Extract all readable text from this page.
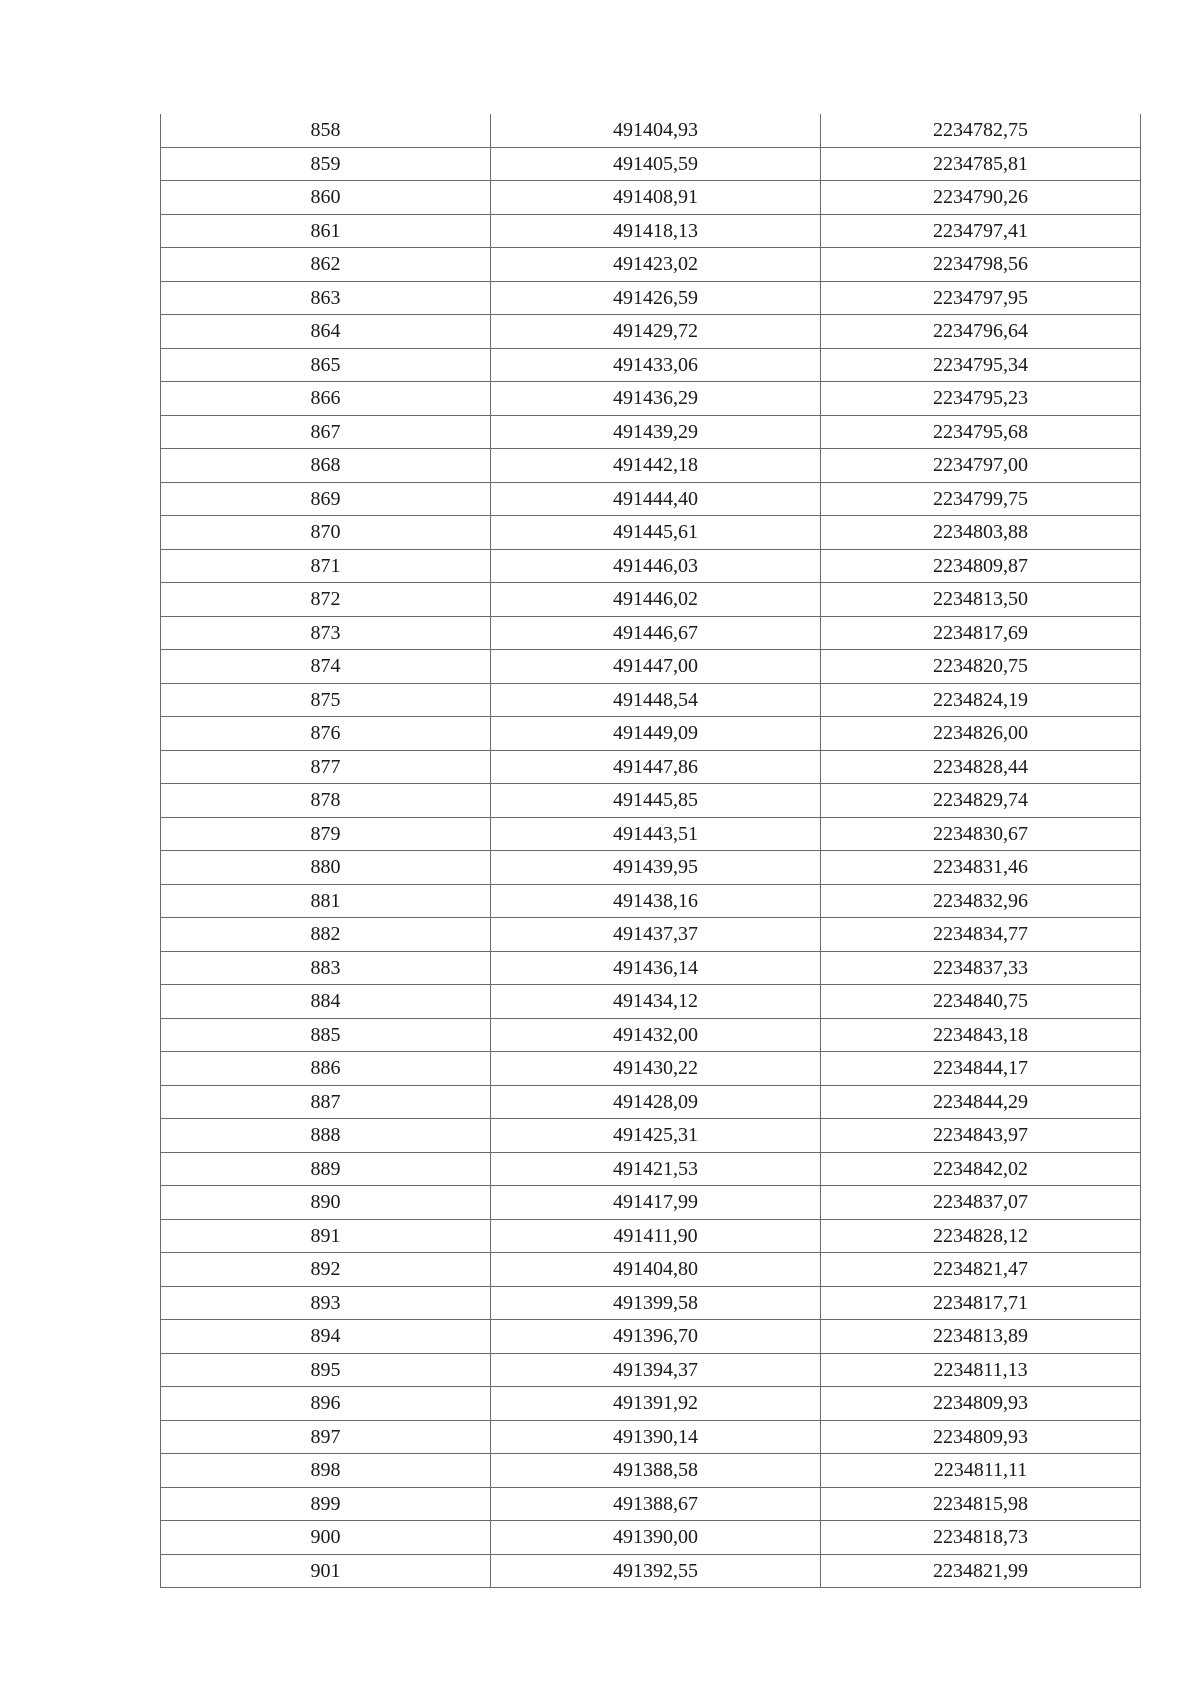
858	491404,93	2234782,75
859	491405,59	2234785,81
860	491408,91	2234790,26
861	491418,13	2234797,41
862	491423,02	2234798,56
863	491426,59	2234797,95
864	491429,72	2234796,64
865	491433,06	2234795,34
866	491436,29	2234795,23
867	491439,29	2234795,68
868	491442,18	2234797,00
869	491444,40	2234799,75
870	491445,61	2234803,88
871	491446,03	2234809,87
872	491446,02	2234813,50
873	491446,67	2234817,69
874	491447,00	2234820,75
875	491448,54	2234824,19
876	491449,09	2234826,00
877	491447,86	2234828,44
878	491445,85	2234829,74
879	491443,51	2234830,67
880	491439,95	2234831,46
881	491438,16	2234832,96
882	491437,37	2234834,77
883	491436,14	2234837,33
884	491434,12	2234840,75
885	491432,00	2234843,18
886	491430,22	2234844,17
887	491428,09	2234844,29
888	491425,31	2234843,97
889	491421,53	2234842,02
890	491417,99	2234837,07
891	491411,90	2234828,12
892	491404,80	2234821,47
893	491399,58	2234817,71
894	491396,70	2234813,89
895	491394,37	2234811,13
896	491391,92	2234809,93
897	491390,14	2234809,93
898	491388,58	2234811,11
899	491388,67	2234815,98
900	491390,00	2234818,73
901	491392,55	2234821,99
